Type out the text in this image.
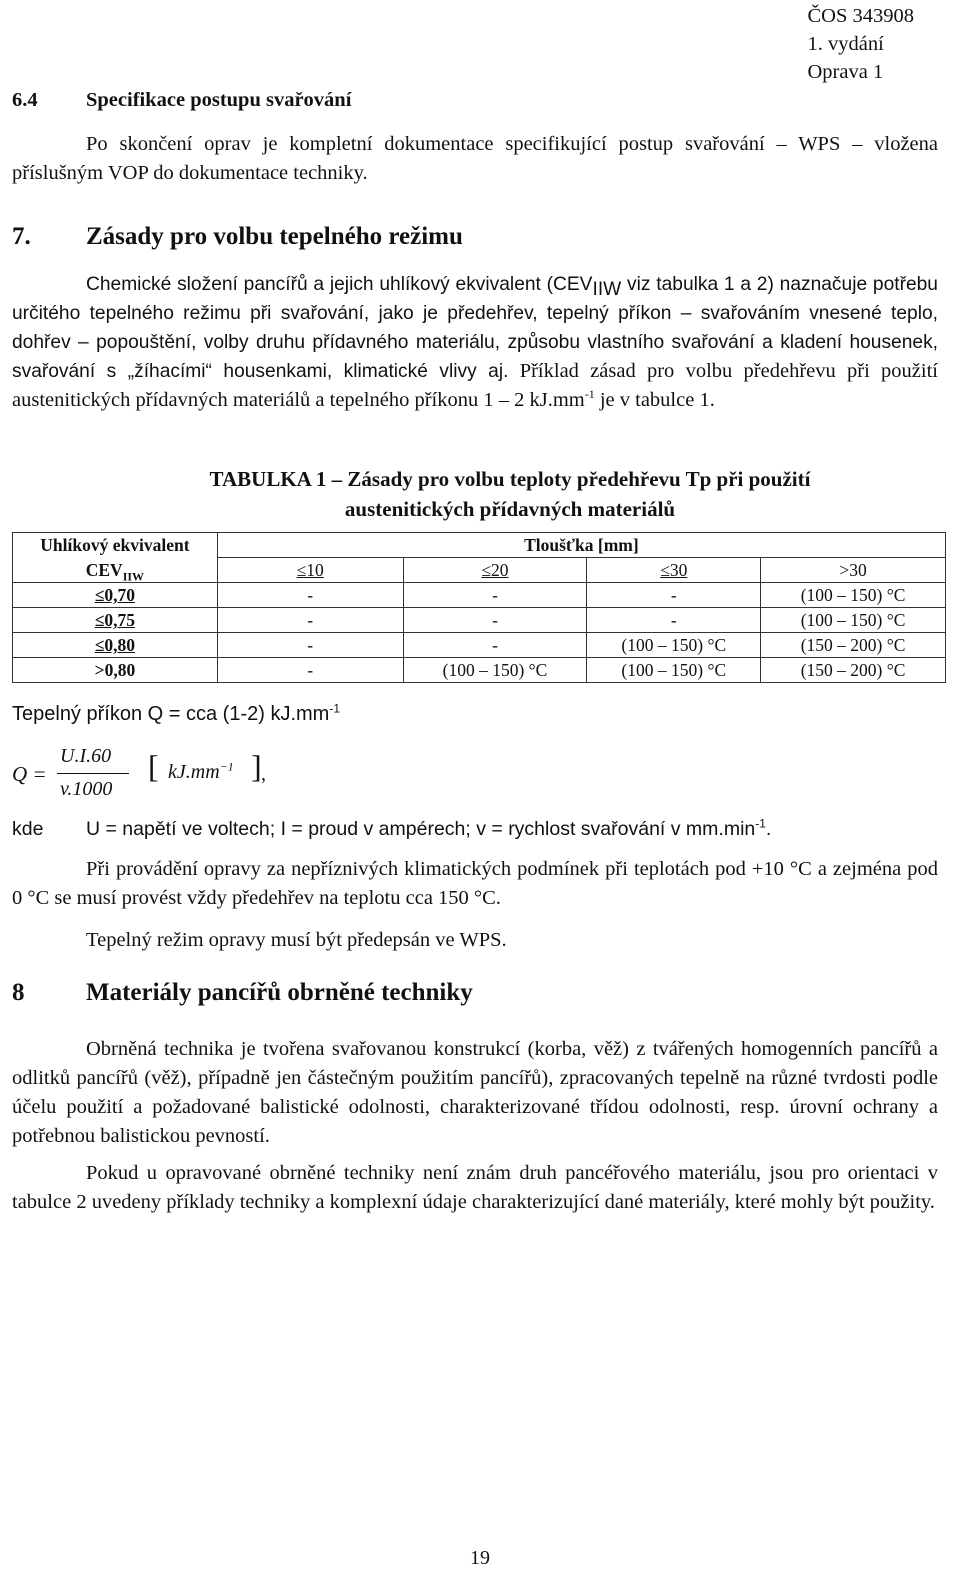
ČOS 343908
1. vydání
Oprava 1
6.4 Specifikace postupu svařování

Po skončení oprav je kompletní dokumentace specifikující postup svařování – WPS – vložena příslušným VOP do dokumentace techniky.

7. Zásady pro volbu tepelného režimu

Chemické složení pancířů a jejich uhlíkový ekvivalent ($CEV_{IIW}$ viz tabulka 1 a 2) naznačuje potřebu určitého tepelného režimu při svařování, jako je předehřev, tepelný příkon – svařováním vnesené teplo, dohřev – popouštění, volby druhu přídavného materiálu, způsobu vlastního svařování a kladení housenek, svařování s „žíhacími“ housenkami, klimatické vlivy aj. Příklad zásad pro volbu předehřevu při použití austenitických přídavných materiálů a tepelného příkonu 1 – 2 $kJ.mm^{-1}$ je v tabulce 1.

TABULKA 1 – Zásady pro volbu teploty předehřevu Tp při použití
austenitických přídavných materiálů
Uhlíkový ekvivalent	Tloušťka [mm]			
$CEV_{IIW}$	≤10	≤20	≤30	>30
≤0,70	-	-	-	(100 – 150) °C
≤0,75	-	-	-	(100 – 150) °C
≤0,80	-	-	(100 – 150) °C	(150 – 200) °C
>0,80	-	(100 – 150) °C	(100 – 150) °C	(150 – 200) °C
Tepelný příkon Q = cca (1-2) $kJ.mm^{-1}$
Q =
U.I.60
v.1000
[ $kJ.mm^{-1}$ ] ,
kde U = napětí ve voltech; I = proud v ampérech; v = rychlost svařování v $mm.\min^{-1}$.

Při provádění opravy za nepříznivých klimatických podmínek při teplotách pod +10 °C a zejména pod 0 °C se musí provést vždy předehřev na teplotu cca 150 °C.

Tepelný režim opravy musí být předepsán ve WPS.

8 Materiály pancířů obrněné techniky

Obrněná technika je tvořena svařovanou konstrukcí (korba, věž) z tvářených homogenních pancířů a odlitků pancířů (věž), případně jen částečným použitím pancířů), zpracovaných tepelně na různé tvrdosti podle účelu použití a požadované balistické odolnosti, charakterizované třídou odolnosti, resp. úrovní ochrany a potřebnou balistickou pevností.

Pokud u opravované obrněné techniky není znám druh pancéřového materiálu, jsou pro orientaci v tabulce 2 uvedeny příklady techniky a komplexní údaje charakterizující dané materiály, které mohly být použity.

19
